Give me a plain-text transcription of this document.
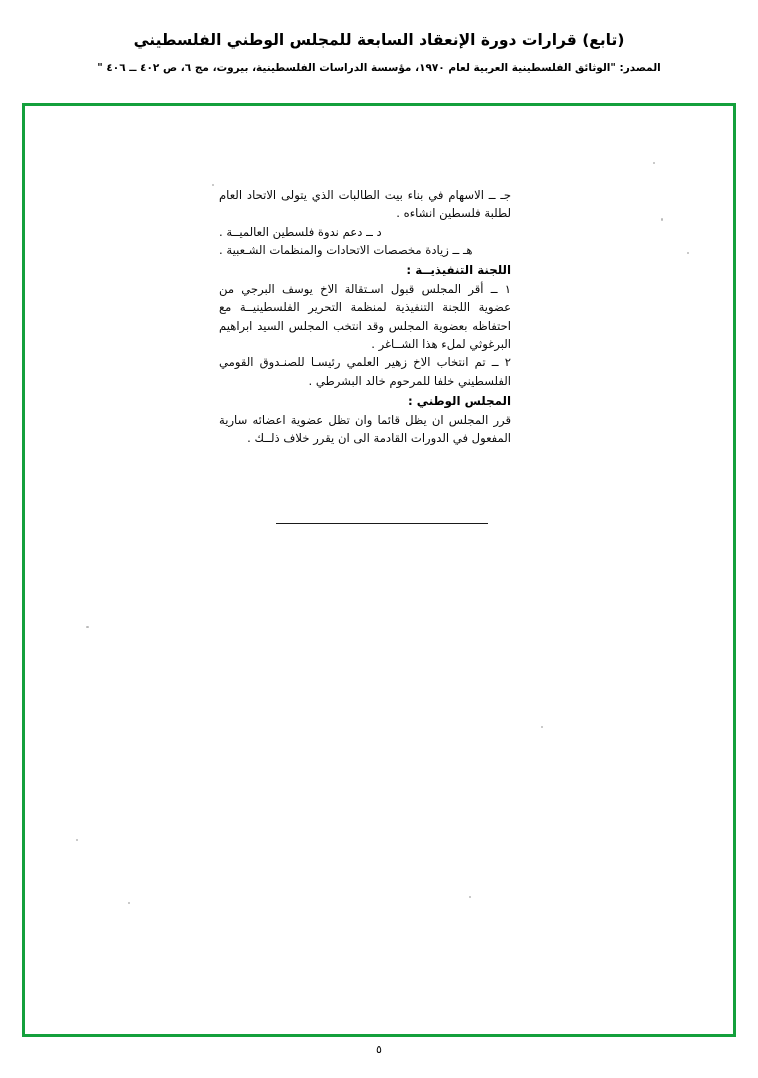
(تابع) قرارات دورة الإنعقاد السابعة للمجلس الوطني الفلسطيني
المصدر: "الوثائق الفلسطينية العربية لعام ١٩٧٠، مؤسسة الدراسات الفلسطينية، بيروت، مج ٦، ص ٤٠٢ ــ ٤٠٦ "

جـ ــ الاسهام في بناء بيت الطالبات الذي يتولى الاتحاد العام لطلبة فلسطين انشاءه .

د ــ دعم ندوة فلسطين العالميــة .

هـ ــ زيادة مخصصات الاتحادات والمنظمات الشـعبية .

اللجنة التنفيذيــة :

١ ــ أقر المجلس قبول اسـتقالة الاخ يوسف البرجي من عضوية اللجنة التنفيذية لمنظمة التحرير الفلسطينيــة مع احتفاظه بعضوية المجلس وقد انتخب المجلس السيد ابراهيم البرغوثي لملء هذا الشــاغر .

٢ ــ تم انتخاب الاخ زهير العلمي رئيسـا للصنـدوق القومي الفلسطيني خلفا للمرحوم خالد البشرطي .

المجلس الوطني :

قرر المجلس ان يظل قائما وان تظل عضوية اعضائه سارية المفعول في الدورات القادمة الى ان يقرر خلاف ذلــك .

٥
